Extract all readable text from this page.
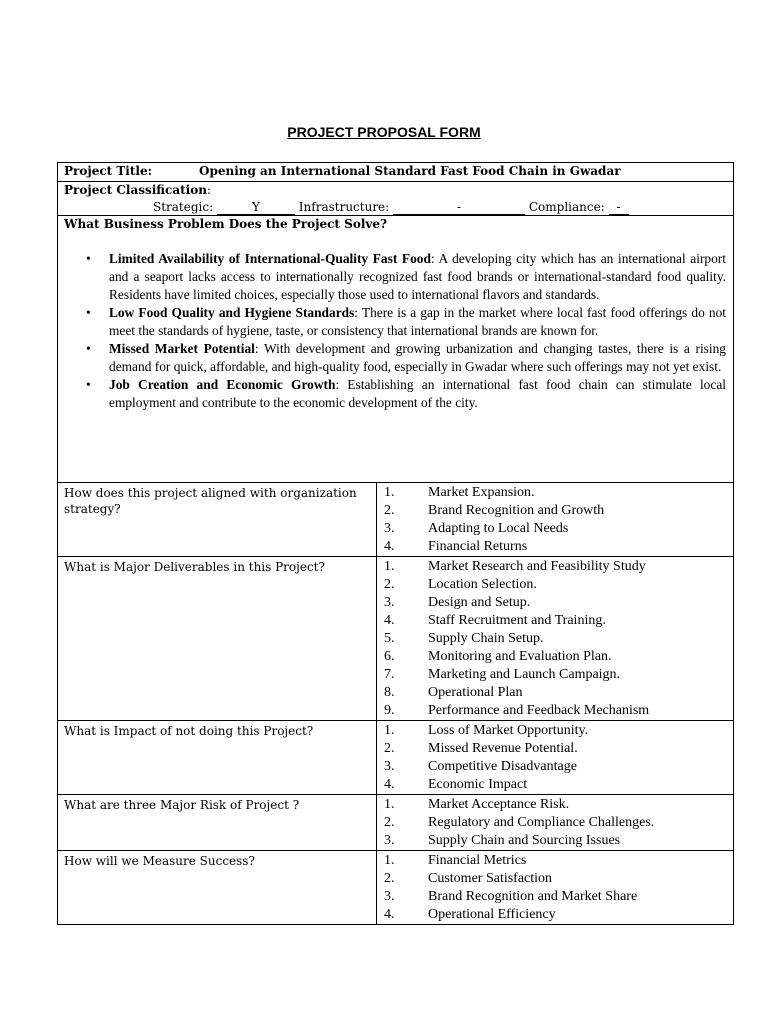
PROJECT PROPOSAL FORM
Project Title:	Opening an International Standard Fast Food Chain in Gwadar
Project Classification:
Strategic:	Y	Infrastructure:	-	Compliance: -
What Business Problem Does the Project Solve?
• Limited Availability of International-Quality Fast Food: A developing city which has an international airport and a seaport lacks access to internationally recognized fast food brands or international-standard food quality. Residents have limited choices, especially those used to international flavors and standards.
• Low Food Quality and Hygiene Standards: There is a gap in the market where local fast food offerings do not meet the standards of hygiene, taste, or consistency that international brands are known for.
• Missed Market Potential: With development and growing urbanization and changing tastes, there is a rising demand for quick, affordable, and high-quality food, especially in Gwadar where such offerings may not yet exist.
• Job Creation and Economic Growth: Establishing an international fast food chain can stimulate local employment and contribute to the economic development of the city.
How does this project aligned with organization strategy?
1.	Market Expansion.
2.	Brand Recognition and Growth
3.	Adapting to Local Needs
4.	Financial Returns
What is Major Deliverables in this Project?	1.	Market Research and Feasibility Study
2.	Location Selection.
3.	Design and Setup.
4.	Staff Recruitment and Training.
5.	Supply Chain Setup.
6.	Monitoring and Evaluation Plan.
7.	Marketing and Launch Campaign.
8.	Operational Plan
9.	Performance and Feedback Mechanism
What is Impact of not doing this Project?	1.	Loss of Market Opportunity.
2.	Missed Revenue Potential.
3.	Competitive Disadvantage
4.	Economic Impact
What are three Major Risk of Project ?	1.	Market Acceptance Risk.
2.	Regulatory and Compliance Challenges.
3.	Supply Chain and Sourcing Issues
How will we Measure Success?	1.	Financial Metrics
2.	Customer Satisfaction
3.	Brand Recognition and Market Share
4.	Operational Efficiency
